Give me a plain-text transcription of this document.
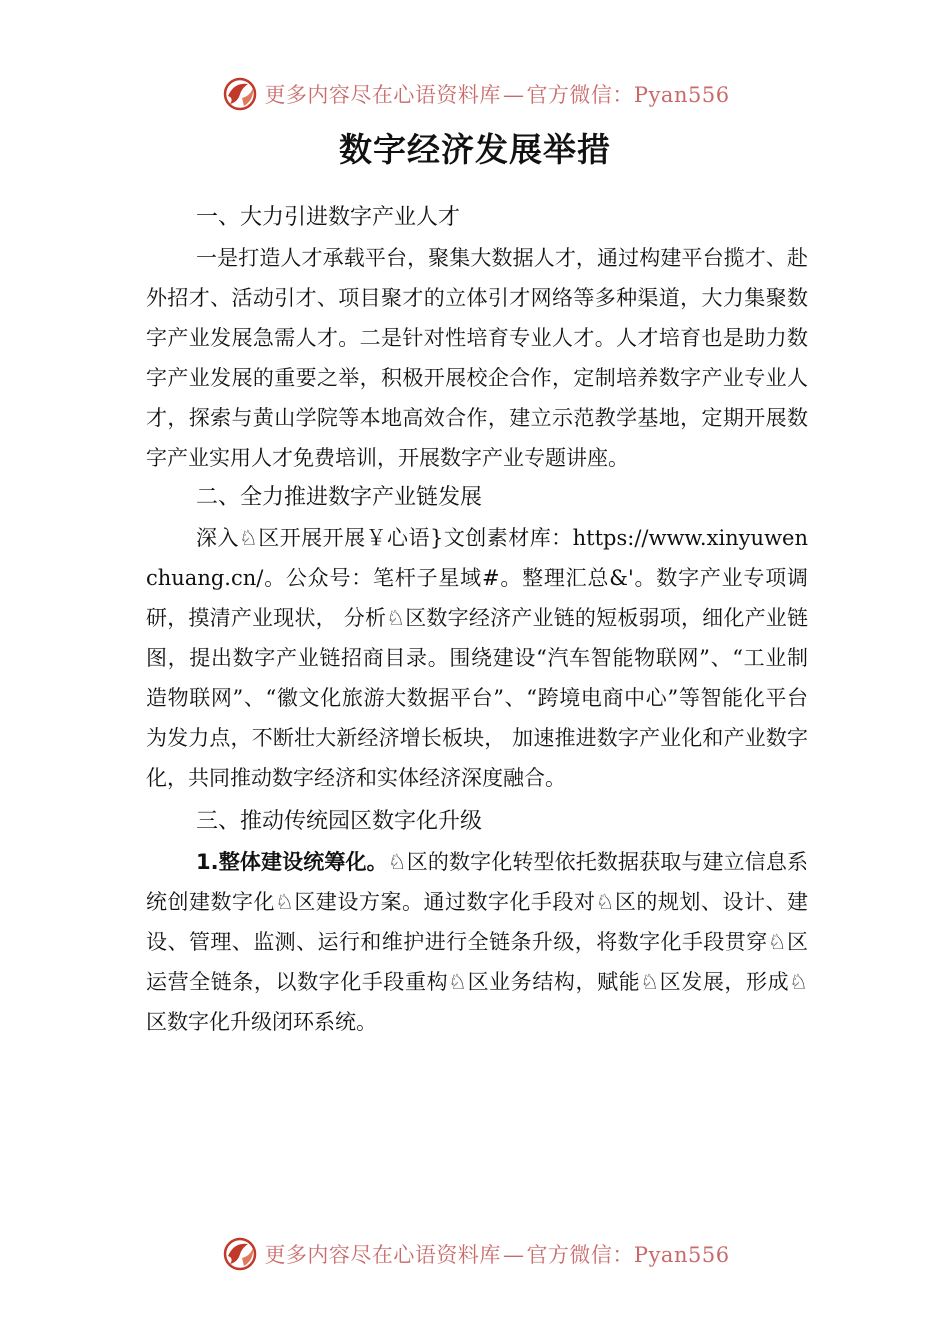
更多内容尽在心语资料库—官方微信：Pyan556
数字经济发展举措

一、大力引进数字产业人才

一是打造人才承载平台，聚集大数据人才，通过构建平台揽才、赴外招才、活动引才、项目聚才的立体引才网络等多种渠道，大力集聚数字产业发展急需人才。二是针对性培育专业人才。人才培育也是助力数字产业发展的重要之举，积极开展校企合作，定制培养数字产业专业人才，探索与黄山学院等本地高效合作，建立示范教学基地，定期开展数字产业实用人才免费培训，开展数字产业专题讲座。

二、全力推进数字产业链发展

深入♘区开展开展￥心语}文创素材库：https://www.xinyuwenchuang.cn/。公众号：笔杆子星域#。整理汇总&'。数字产业专项调研，摸清产业现状， 分析♘区数字经济产业链的短板弱项，细化产业链图，提出数字产业链招商目录。围绕建设“汽车智能物联网”、“工业制造物联网”、“徽文化旅游大数据平台”、“跨境电商中心”等智能化平台为发力点，不断壮大新经济增长板块， 加速推进数字产业化和产业数字化，共同推动数字经济和实体经济深度融合。

三、推动传统园区数字化升级

1.整体建设统筹化。♘区的数字化转型依托数据获取与建立信息系统创建数字化♘区建设方案。通过数字化手段对♘区的规划、设计、建设、管理、监测、运行和维护进行全链条升级，将数字化手段贯穿♘区运营全链条，以数字化手段重构♘区业务结构，赋能♘区发展，形成♘区数字化升级闭环系统。

更多内容尽在心语资料库—官方微信：Pyan556
